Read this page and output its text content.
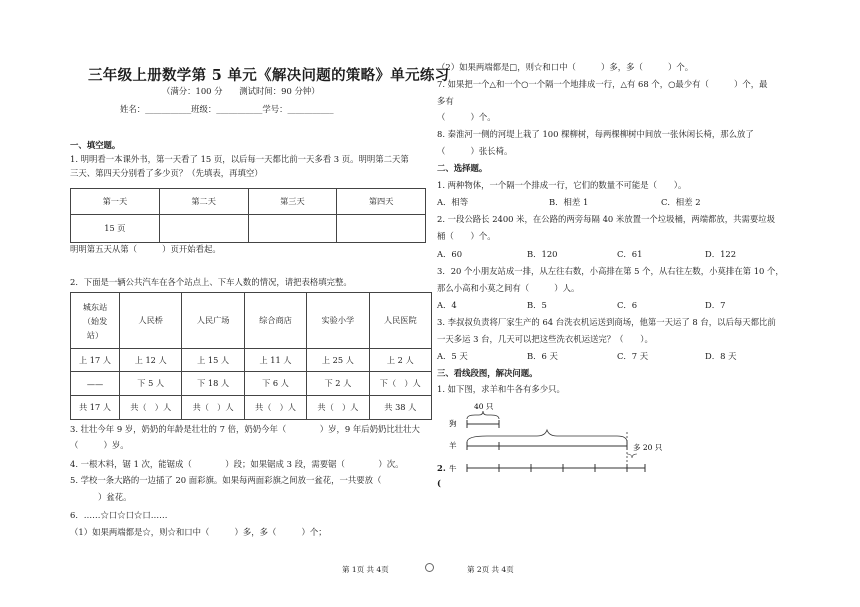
三年级上册数学第 5 单元《解决问题的策略》单元练习
（满分：100 分　　测试时间：90 分钟）
姓名：___________班级：___________学号：___________
一、填空题。
1. 明明看一本课外书，第一天看了 15 页，以后每一天都比前一天多看 3 页。明明第二天第
三天、第四天分别看了多少页？（先填表，再填空）
第一天	第二天	第三天	第四天
15 页			
明明第五天从第（　　　）页开始看起。
2．下面是一辆公共汽车在各个站点上、下车人数的情况，请把表格填完整。
城东站
（始发
站）	人民桥	人民广场	综合商店	实验小学	人民医院
上 17 人	上 12 人	上 15 人	上 11 人	上 25 人	上 2 人
——	下 5 人	下 18 人	下 6 人	下 2 人	下（　）人
共 17 人	共（　）人	共（　）人	共（　）人	共（　）人	共 38 人
3. 壮壮今年 9 岁，奶奶的年龄是壮壮的 7 倍，奶奶今年（　　　　）岁，9 年后奶奶比壮壮大
（　　　）岁。
4. 一根木料，锯 1 次，能锯成（　　　　）段；如果锯成 3 段，需要锯（　　　　）次。
5. 学校一条大路的一边插了 20 面彩旗。如果每两面彩旗之间放一盆花，一共要放（
）盆花。
6．……☆口☆口☆口……
（1）如果两端都是☆，则☆和口中（　　　）多，多（　　　）个；
第 1页 共 4页
（2）如果两端都是□，则☆和口中（　　　）多，多（　　　）个。
7. 如果把一个△和一个○一个隔一个地排成一行，△有 68 个，○最少有（　　　）个，最
多有
（　　　）个。
8. 秦淮河一侧的河堤上栽了 100 棵柳树，每两棵柳树中间放一张休闲长椅，那么放了
（　　　）张长椅。
二、选择题。
1. 两种物体，一个隔一个排成一行，它们的数量不可能是（　　）。
A．相等	B．相差 1	C．相差 2
2. 一段公路长 2400 米，在公路的两旁每隔 40 米放置一个垃圾桶，两端都放，共需要垃圾
桶（　　）个。
A．60	B．120	C．61	D．122
3．20 个小朋友站成一排，从左往右数，小高排在第 5 个，从右往左数，小莫排在第 10 个，
那么小高和小莫之间有（　　　）人。
A．4	B．5	C．6	D．7
3. 李叔叔负责将厂家生产的 64 台洗衣机运送到商场，他第一天运了 8 台，以后每天都比前
一天多运 3 台，几天可以把这些洗衣机运送完？（　　）。
A．5 天	B．6 天	C．7 天	D．8 天
三、看线段图，解决问题。
1. 如下图，求羊和牛各有多少只。
狗
40 只
羊	多 20 只
牛
2.
(
第 2页 共 4页
